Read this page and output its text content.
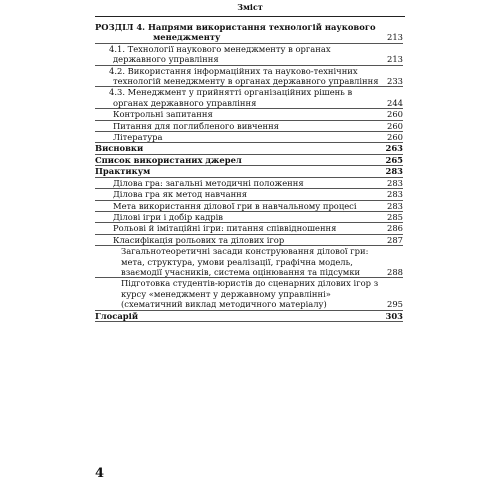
Зміст
РОЗДІЛ 4. Напрями використання технологій наукового
менеджменту	213
4.1. Технології наукового менеджменту в органах державного управління	213
4.2. Використання інформаційних та науково-технічних технологій менеджменту в органах державного управління	233
4.3. Менеджмент у прийнятті організаційних рішень в органах державного управління	244
Контрольні запитання	260
Питання для поглибленого вивчення	260
Література	260
Висновки	263
Список використаних джерел	265
Практикум	283
Ділова гра: загальні методичні положення	283
Ділова гра як метод навчання	283
Мета використання ділової гри в навчальному процесі	283
Ділові ігри і добір кадрів	285
Рольові й імітаційні ігри: питання співвідношення	286
Класифікація рольових та ділових ігор	287
Загальнотеоретичні засади конструювання ділової гри: мета, структура, умови реалізації, графічна модель, взаємодії учасників, система оцінювання та підсумки	288
Підготовка студентів-юристів до сценарних ділових ігор з курсу «менеджмент у державному управлінні» (схематичний виклад методичного матеріалу)	295
Глосарій	303
4
